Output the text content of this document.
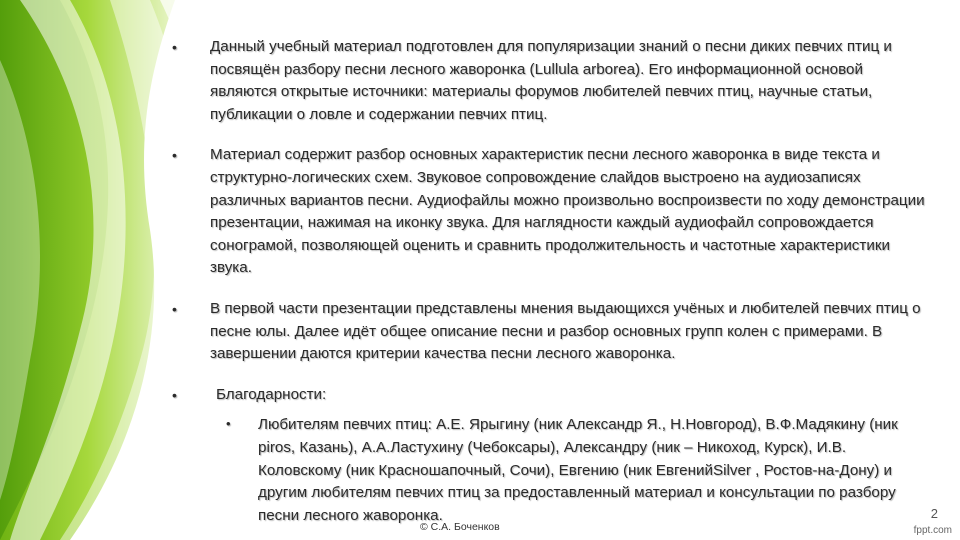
• Данный учебный материал подготовлен для популяризации знаний о песни диких певчих птиц и посвящён разбору песни лесного жаворонка (Lullula arborea). Его информационной основой являются открытые источники: материалы форумов любителей певчих птиц, научные статьи, публикации о ловле и содержании певчих птиц.
• Материал содержит разбор основных характеристик песни лесного жаворонка в виде текста и структурно-логических схем. Звуковое сопровождение слайдов выстроено на аудиозаписях различных вариантов песни. Аудиофайлы можно произвольно воспроизвести по ходу демонстрации презентации, нажимая на иконку звука. Для наглядности каждый аудиофайл сопровождается сонограмой, позволяющей оценить и сравнить продолжительность и частотные характеристики звука.
• В первой части презентации представлены мнения выдающихся учёных и любителей певчих птиц о песне юлы. Далее идёт общее описание песни и разбор основных групп колен с примерами. В завершении даются критерии качества песни лесного жаворонка.
•	Благодарности:
• Любителям певчих птиц: А.Е. Ярыгину (ник Александр Я., Н.Новгород), В.Ф.Мадякину (ник piros, Казань), А.А.Ластухину (Чебоксары), Александру (ник – Никоход, Курск), И.В. Коловскому (ник Красношапочный, Сочи), Евгению (ник ЕвгенийSilver , Ростов-на-Дону) и другим любителям певчих птиц за предоставленный материал и консультации по разбору песни лесного жаворонка.
© С.А. Боченков
2
fppt.com
